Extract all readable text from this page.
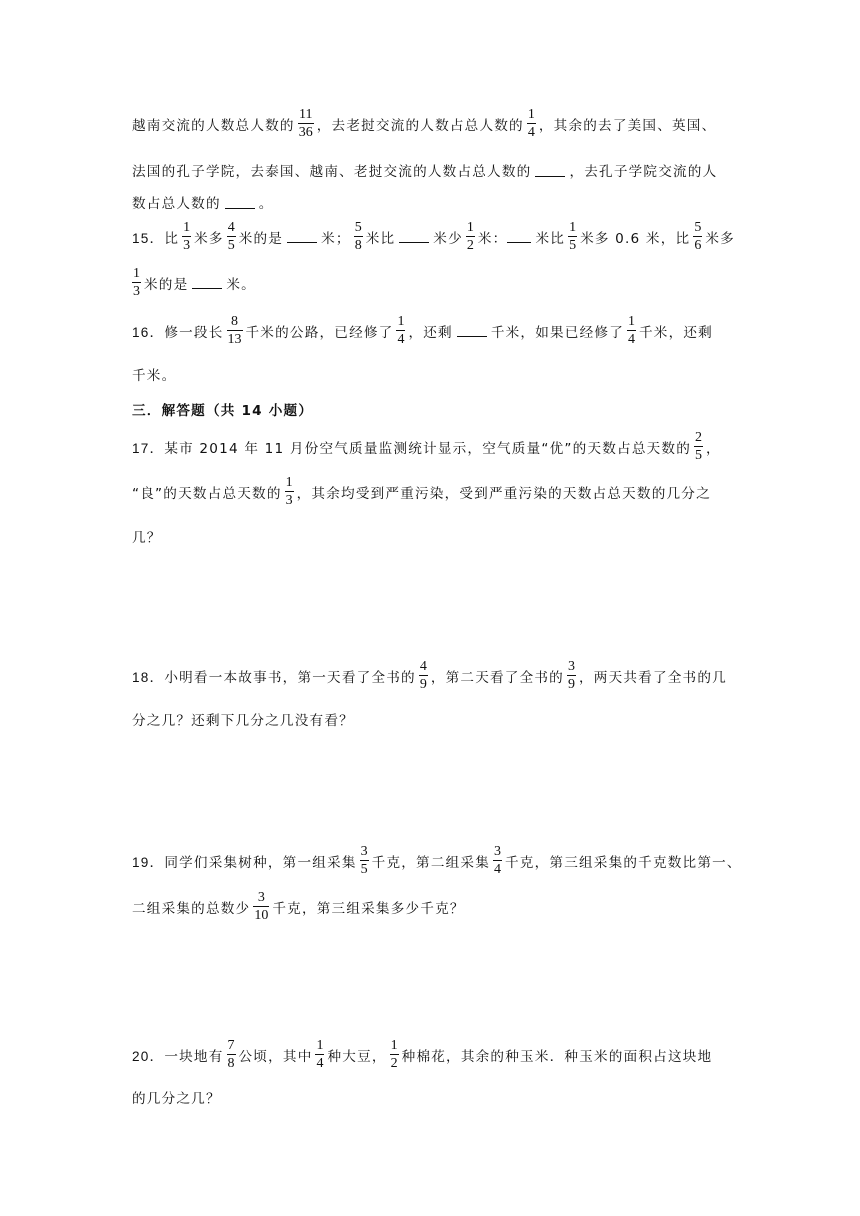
越南交流的人数总人数的 $\frac{11}{36}$ ，去老挝交流的人数占总人数的 $\frac{1}{4}$ ，其余的去了美国、英国、
法国的孔子学院，去泰国、越南、老挝交流的人数占总人数的	，去孔子学院交流的人
数占总人数的	。
15． 比 $\frac{1}{3}$ 米多 $\frac{4}{5}$ 米的是	米； $\frac{5}{8}$ 米比	米少 $\frac{1}{2}$ 米： 米比 $\frac{1}{5}$ 米多 0.6 米，比 $\frac{5}{6}$ 米多
$\frac{1}{3}$ 米的是	米。
16． 修一段长 $\frac{8}{13}$ 千米的公路，已经修了 $\frac{1}{4}$ ，还剩	千米，如果已经修了 $\frac{1}{4}$ 千米，还剩
千米。
三．解答题（共 14 小题）
17． 某市 2014 年 11 月份空气质量监测统计显示，空气质量“优”的天数占总天数的 $\frac{2}{5}$ ，
“良”的天数占总天数的 $\frac{1}{3}$ ，其余均受到严重污染，受到严重污染的天数占总天数的几分之
几？
18． 小明看一本故事书，第一天看了全书的 $\frac{4}{9}$ ，第二天看了全书的 $\frac{3}{9}$ ，两天共看了全书的几
分之几？还剩下几分之几没有看？
19． 同学们采集树种，第一组采集 $\frac{3}{5}$ 千克，第二组采集 $\frac{3}{4}$ 千克，第三组采集的千克数比第一、
二组采集的总数少 $\frac{3}{10}$ 千克，第三组采集多少千克？
20． 一块地有 $\frac{7}{8}$ 公顷，其中 $\frac{1}{4}$ 种大豆， $\frac{1}{2}$ 种棉花，其余的种玉米．种玉米的面积占这块地
的几分之几？
